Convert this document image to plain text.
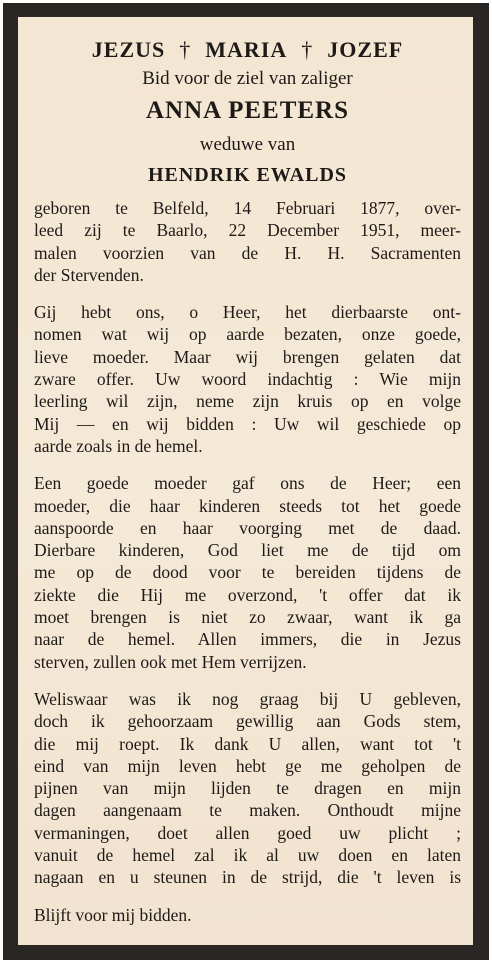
JEZUS † MARIA † JOZEF
Bid voor de ziel van zaliger
ANNA PEETERS
weduwe van
HENDRIK EWALDS
geboren te Belfeld, 14 Februari 1877, over-
leed zij te Baarlo, 22 December 1951, meer-
malen voorzien van de H. H. Sacramenten
der Stervenden.
Gij hebt ons, o Heer, het dierbaarste ont-
nomen wat wij op aarde bezaten, onze goede,
lieve moeder. Maar wij brengen gelaten dat
zware offer. Uw woord indachtig : Wie mijn
leerling wil zijn, neme zijn kruis op en volge
Mij — en wij bidden : Uw wil geschiede op
aarde zoals in de hemel.
Een goede moeder gaf ons de Heer; een
moeder, die haar kinderen steeds tot het goede
aanspoorde en haar voorging met de daad.
Dierbare kinderen, God liet me de tijd om
me op de dood voor te bereiden tijdens de
ziekte die Hij me overzond, 't offer dat ik
moet brengen is niet zo zwaar, want ik ga
naar de hemel. Allen immers, die in Jezus
sterven, zullen ook met Hem verrijzen.
Weliswaar was ik nog graag bij U gebleven,
doch ik gehoorzaam gewillig aan Gods stem,
die mij roept. Ik dank U allen, want tot 't
eind van mijn leven hebt ge me geholpen de
pijnen van mijn lijden te dragen en mijn
dagen aangenaam te maken. Onthoudt mijne
vermaningen, doet allen goed uw plicht ;
vanuit de hemel zal ik al uw doen en laten
nagaan en u steunen in de strijd, die 't leven is
Blijft voor mij bidden.
Mijn Jezus barmhartigheid.	(300 d. afl.)
